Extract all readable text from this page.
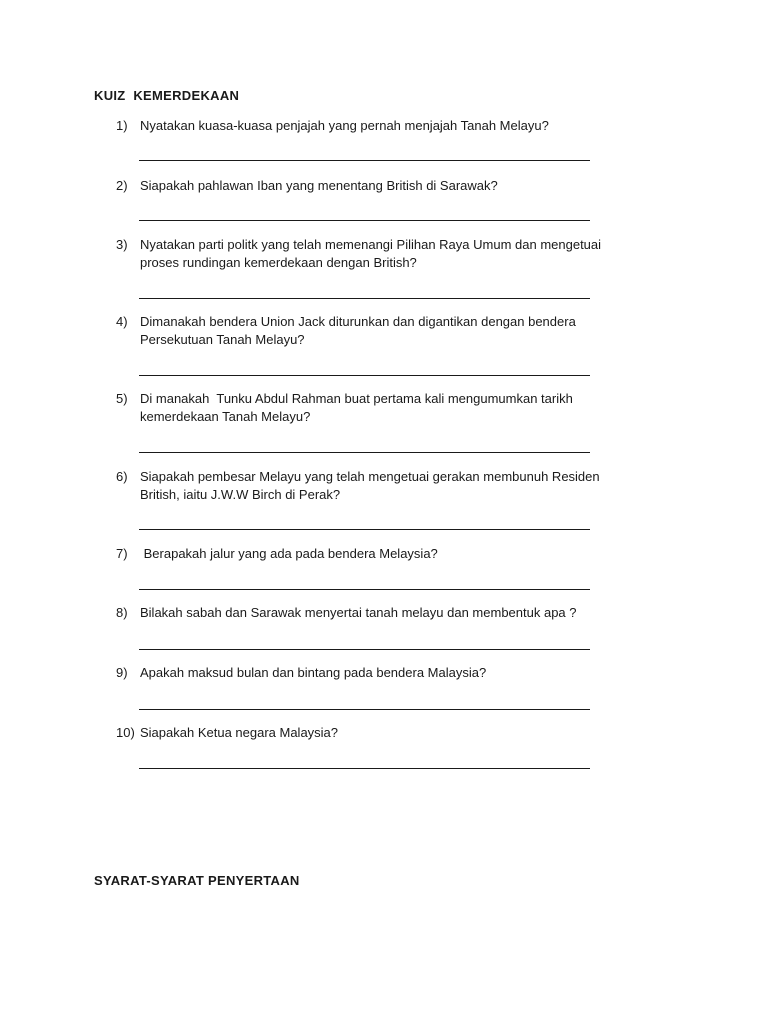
KUIZ  KEMERDEKAAN
1) Nyatakan kuasa-kuasa penjajah yang pernah menjajah Tanah Melayu?
2) Siapakah pahlawan Iban yang menentang British di Sarawak?
3) Nyatakan parti politk yang telah memenangi Pilihan Raya Umum dan mengetuai
proses rundingan kemerdekaan dengan British?
4) Dimanakah bendera Union Jack diturunkan dan digantikan dengan bendera
Persekutuan Tanah Melayu?
5) Di manakah  Tunku Abdul Rahman buat pertama kali mengumumkan tarikh
kemerdekaan Tanah Melayu?
6) Siapakah pembesar Melayu yang telah mengetuai gerakan membunuh Residen
British, iaitu J.W.W Birch di Perak?
7) Berapakah jalur yang ada pada bendera Melaysia?
8) Bilakah sabah dan Sarawak menyertai tanah melayu dan membentuk apa ?
9) Apakah maksud bulan dan bintang pada bendera Malaysia?
10) Siapakah Ketua negara Malaysia?
SYARAT-SYARAT PENYERTAAN
